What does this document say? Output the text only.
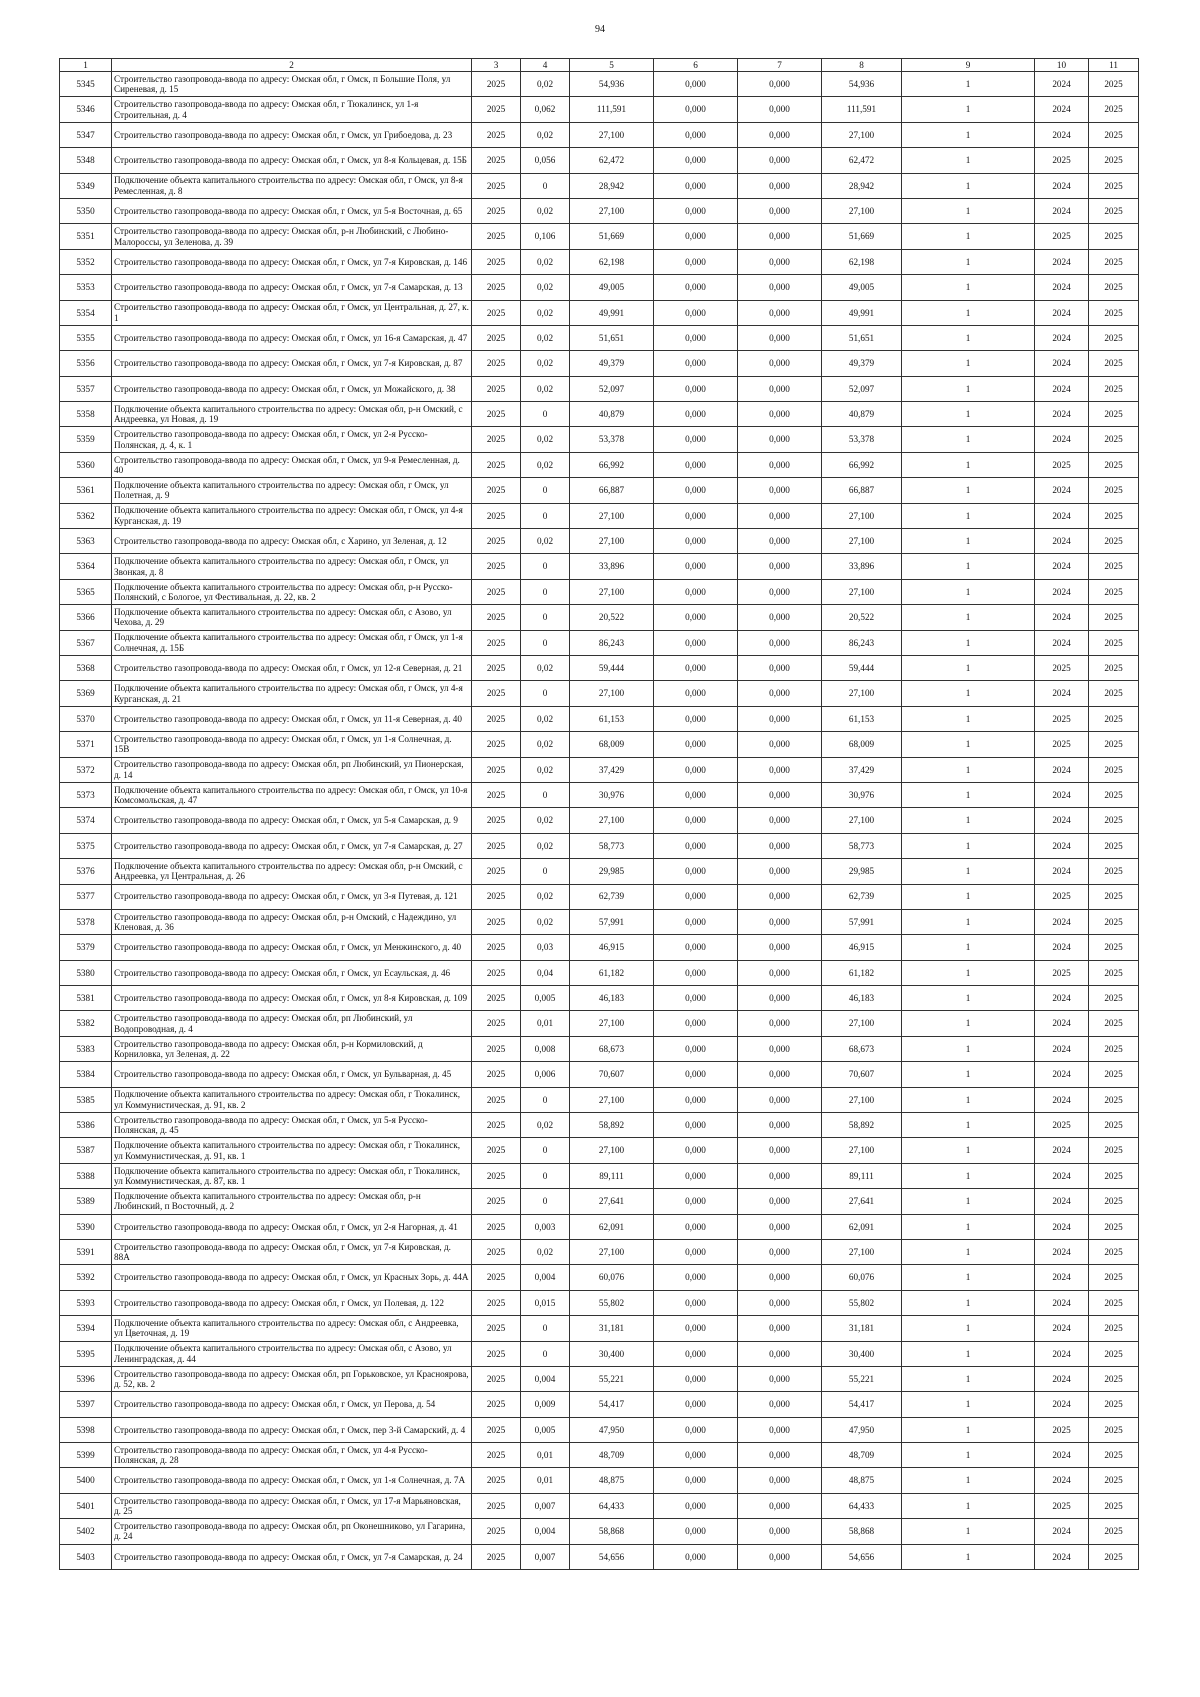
94
1	2	3	4	5	6	7	8	9	10	11
5345	Строительство газопровода-ввода по адресу: Омская обл, г Омск, п Большие Поля, ул Сиреневая, д. 15	2025	0,02	54,936	0,000	0,000	54,936	1	2024	2025
5346	Строительство газопровода-ввода по адресу: Омская обл, г Тюкалинск, ул 1-я Строительная, д. 4	2025	0,062	111,591	0,000	0,000	111,591	1	2024	2025
5347	Строительство газопровода-ввода по адресу: Омская обл, г Омск, ул Грибоедова, д. 23	2025	0,02	27,100	0,000	0,000	27,100	1	2024	2025
5348	Строительство газопровода-ввода по адресу: Омская обл, г Омск, ул 8-я Кольцевая, д. 15Б	2025	0,056	62,472	0,000	0,000	62,472	1	2025	2025
5349	Подключение объекта капитального строительства по адресу: Омская обл, г Омск, ул 8-я Ремесленная, д. 8	2025	0	28,942	0,000	0,000	28,942	1	2024	2025
5350	Строительство газопровода-ввода по адресу: Омская обл, г Омск, ул 5-я Восточная, д. 65	2025	0,02	27,100	0,000	0,000	27,100	1	2024	2025
5351	Строительство газопровода-ввода по адресу: Омская обл, р-н Любинский, с Любино-Малороссы, ул Зеленова, д. 39	2025	0,106	51,669	0,000	0,000	51,669	1	2025	2025
5352	Строительство газопровода-ввода по адресу: Омская обл, г Омск, ул 7-я Кировская, д. 146	2025	0,02	62,198	0,000	0,000	62,198	1	2024	2025
5353	Строительство газопровода-ввода по адресу: Омская обл, г Омск, ул 7-я Самарская, д. 13	2025	0,02	49,005	0,000	0,000	49,005	1	2024	2025
5354	Строительство газопровода-ввода по адресу: Омская обл, г Омск, ул Центральная, д. 27, к. 1	2025	0,02	49,991	0,000	0,000	49,991	1	2024	2025
5355	Строительство газопровода-ввода по адресу: Омская обл, г Омск, ул 16-я Самарская, д. 47	2025	0,02	51,651	0,000	0,000	51,651	1	2024	2025
5356	Строительство газопровода-ввода по адресу: Омская обл, г Омск, ул 7-я Кировская, д. 87	2025	0,02	49,379	0,000	0,000	49,379	1	2024	2025
5357	Строительство газопровода-ввода по адресу: Омская обл, г Омск, ул Можайского, д. 38	2025	0,02	52,097	0,000	0,000	52,097	1	2024	2025
5358	Подключение объекта капитального строительства по адресу: Омская обл, р-н Омский, с Андреевка, ул Новая, д. 19	2025	0	40,879	0,000	0,000	40,879	1	2024	2025
5359	Строительство газопровода-ввода по адресу: Омская обл, г Омск, ул 2-я Русско-Полянская, д. 4, к. 1	2025	0,02	53,378	0,000	0,000	53,378	1	2024	2025
5360	Строительство газопровода-ввода по адресу: Омская обл, г Омск, ул 9-я Ремесленная, д. 40	2025	0,02	66,992	0,000	0,000	66,992	1	2025	2025
5361	Подключение объекта капитального строительства по адресу: Омская обл, г Омск, ул Полетная, д. 9	2025	0	66,887	0,000	0,000	66,887	1	2024	2025
5362	Подключение объекта капитального строительства по адресу: Омская обл, г Омск, ул 4-я Курганская, д. 19	2025	0	27,100	0,000	0,000	27,100	1	2024	2025
5363	Строительство газопровода-ввода по адресу: Омская обл, с Харино, ул Зеленая, д. 12	2025	0,02	27,100	0,000	0,000	27,100	1	2024	2025
5364	Подключение объекта капитального строительства по адресу: Омская обл, г Омск, ул Звонкая, д. 8	2025	0	33,896	0,000	0,000	33,896	1	2024	2025
5365	Подключение объекта капитального строительства по адресу: Омская обл, р-н Русско-Полянский, с Бологое, ул Фестивальная, д. 22, кв. 2	2025	0	27,100	0,000	0,000	27,100	1	2024	2025
5366	Подключение объекта капитального строительства по адресу: Омская обл, с Азово, ул Чехова, д. 29	2025	0	20,522	0,000	0,000	20,522	1	2024	2025
5367	Подключение объекта капитального строительства по адресу: Омская обл, г Омск, ул 1-я Солнечная, д. 15Б	2025	0	86,243	0,000	0,000	86,243	1	2024	2025
5368	Строительство газопровода-ввода по адресу: Омская обл, г Омск, ул 12-я Северная, д. 21	2025	0,02	59,444	0,000	0,000	59,444	1	2025	2025
5369	Подключение объекта капитального строительства по адресу: Омская обл, г Омск, ул 4-я Курганская, д. 21	2025	0	27,100	0,000	0,000	27,100	1	2024	2025
5370	Строительство газопровода-ввода по адресу: Омская обл, г Омск, ул 11-я Северная, д. 40	2025	0,02	61,153	0,000	0,000	61,153	1	2025	2025
5371	Строительство газопровода-ввода по адресу: Омская обл, г Омск, ул 1-я Солнечная, д. 15В	2025	0,02	68,009	0,000	0,000	68,009	1	2025	2025
5372	Строительство газопровода-ввода по адресу: Омская обл, рп Любинский, ул Пионерская, д. 14	2025	0,02	37,429	0,000	0,000	37,429	1	2024	2025
5373	Подключение объекта капитального строительства по адресу: Омская обл, г Омск, ул 10-я Комсомольская, д. 47	2025	0	30,976	0,000	0,000	30,976	1	2024	2025
5374	Строительство газопровода-ввода по адресу: Омская обл, г Омск, ул 5-я Самарская, д. 9	2025	0,02	27,100	0,000	0,000	27,100	1	2024	2025
5375	Строительство газопровода-ввода по адресу: Омская обл, г Омск, ул 7-я Самарская, д. 27	2025	0,02	58,773	0,000	0,000	58,773	1	2024	2025
5376	Подключение объекта капитального строительства по адресу: Омская обл, р-н Омский, с Андреевка, ул Центральная, д. 26	2025	0	29,985	0,000	0,000	29,985	1	2024	2025
5377	Строительство газопровода-ввода по адресу: Омская обл, г Омск, ул 3-я Путевая, д. 121	2025	0,02	62,739	0,000	0,000	62,739	1	2025	2025
5378	Строительство газопровода-ввода по адресу: Омская обл, р-н Омский, с Надеждино, ул Кленовая, д. 36	2025	0,02	57,991	0,000	0,000	57,991	1	2024	2025
5379	Строительство газопровода-ввода по адресу: Омская обл, г Омск, ул Менжинского, д. 40	2025	0,03	46,915	0,000	0,000	46,915	1	2024	2025
5380	Строительство газопровода-ввода по адресу: Омская обл, г Омск, ул Есаульская, д. 46	2025	0,04	61,182	0,000	0,000	61,182	1	2025	2025
5381	Строительство газопровода-ввода по адресу: Омская обл, г Омск, ул 8-я Кировская, д. 109	2025	0,005	46,183	0,000	0,000	46,183	1	2024	2025
5382	Строительство газопровода-ввода по адресу: Омская обл, рп Любинский, ул Водопроводная, д. 4	2025	0,01	27,100	0,000	0,000	27,100	1	2024	2025
5383	Строительство газопровода-ввода по адресу: Омская обл, р-н Кормиловский, д Корниловка, ул Зеленая, д. 22	2025	0,008	68,673	0,000	0,000	68,673	1	2024	2025
5384	Строительство газопровода-ввода по адресу: Омская обл, г Омск, ул Бульварная, д. 45	2025	0,006	70,607	0,000	0,000	70,607	1	2024	2025
5385	Подключение объекта капитального строительства по адресу: Омская обл, г Тюкалинск, ул Коммунистическая, д. 91, кв. 2	2025	0	27,100	0,000	0,000	27,100	1	2024	2025
5386	Строительство газопровода-ввода по адресу: Омская обл, г Омск, ул 5-я Русско-Полянская, д. 45	2025	0,02	58,892	0,000	0,000	58,892	1	2025	2025
5387	Подключение объекта капитального строительства по адресу: Омская обл, г Тюкалинск, ул Коммунистическая, д. 91, кв. 1	2025	0	27,100	0,000	0,000	27,100	1	2024	2025
5388	Подключение объекта капитального строительства по адресу: Омская обл, г Тюкалинск, ул Коммунистическая, д. 87, кв. 1	2025	0	89,111	0,000	0,000	89,111	1	2024	2025
5389	Подключение объекта капитального строительства по адресу: Омская обл, р-н Любинский, п Восточный, д. 2	2025	0	27,641	0,000	0,000	27,641	1	2024	2025
5390	Строительство газопровода-ввода по адресу: Омская обл, г Омск, ул 2-я Нагорная, д. 41	2025	0,003	62,091	0,000	0,000	62,091	1	2024	2025
5391	Строительство газопровода-ввода по адресу: Омская обл, г Омск, ул 7-я Кировская, д. 88А	2025	0,02	27,100	0,000	0,000	27,100	1	2024	2025
5392	Строительство газопровода-ввода по адресу: Омская обл, г Омск, ул Красных Зорь, д. 44А	2025	0,004	60,076	0,000	0,000	60,076	1	2024	2025
5393	Строительство газопровода-ввода по адресу: Омская обл, г Омск, ул Полевая, д. 122	2025	0,015	55,802	0,000	0,000	55,802	1	2024	2025
5394	Подключение объекта капитального строительства по адресу: Омская обл, с Андреевка, ул Цветочная, д. 19	2025	0	31,181	0,000	0,000	31,181	1	2024	2025
5395	Подключение объекта капитального строительства по адресу: Омская обл, с Азово, ул Ленинградская, д. 44	2025	0	30,400	0,000	0,000	30,400	1	2024	2025
5396	Строительство газопровода-ввода по адресу: Омская обл, рп Горьковское, ул Красноярова, д. 52, кв. 2	2025	0,004	55,221	0,000	0,000	55,221	1	2024	2025
5397	Строительство газопровода-ввода по адресу: Омская обл, г Омск, ул Перова, д. 54	2025	0,009	54,417	0,000	0,000	54,417	1	2024	2025
5398	Строительство газопровода-ввода по адресу: Омская обл, г Омск, пер 3-й Самарский, д. 4	2025	0,005	47,950	0,000	0,000	47,950	1	2025	2025
5399	Строительство газопровода-ввода по адресу: Омская обл, г Омск, ул 4-я Русско-Полянская, д. 28	2025	0,01	48,709	0,000	0,000	48,709	1	2024	2025
5400	Строительство газопровода-ввода по адресу: Омская обл, г Омск, ул 1-я Солнечная, д. 7А	2025	0,01	48,875	0,000	0,000	48,875	1	2024	2025
5401	Строительство газопровода-ввода по адресу: Омская обл, г Омск, ул 17-я Марьяновская, д. 25	2025	0,007	64,433	0,000	0,000	64,433	1	2025	2025
5402	Строительство газопровода-ввода по адресу: Омская обл, рп Оконешниково, ул Гагарина, д. 24	2025	0,004	58,868	0,000	0,000	58,868	1	2024	2025
5403	Строительство газопровода-ввода по адресу: Омская обл, г Омск, ул 7-я Самарская, д. 24	2025	0,007	54,656	0,000	0,000	54,656	1	2024	2025
